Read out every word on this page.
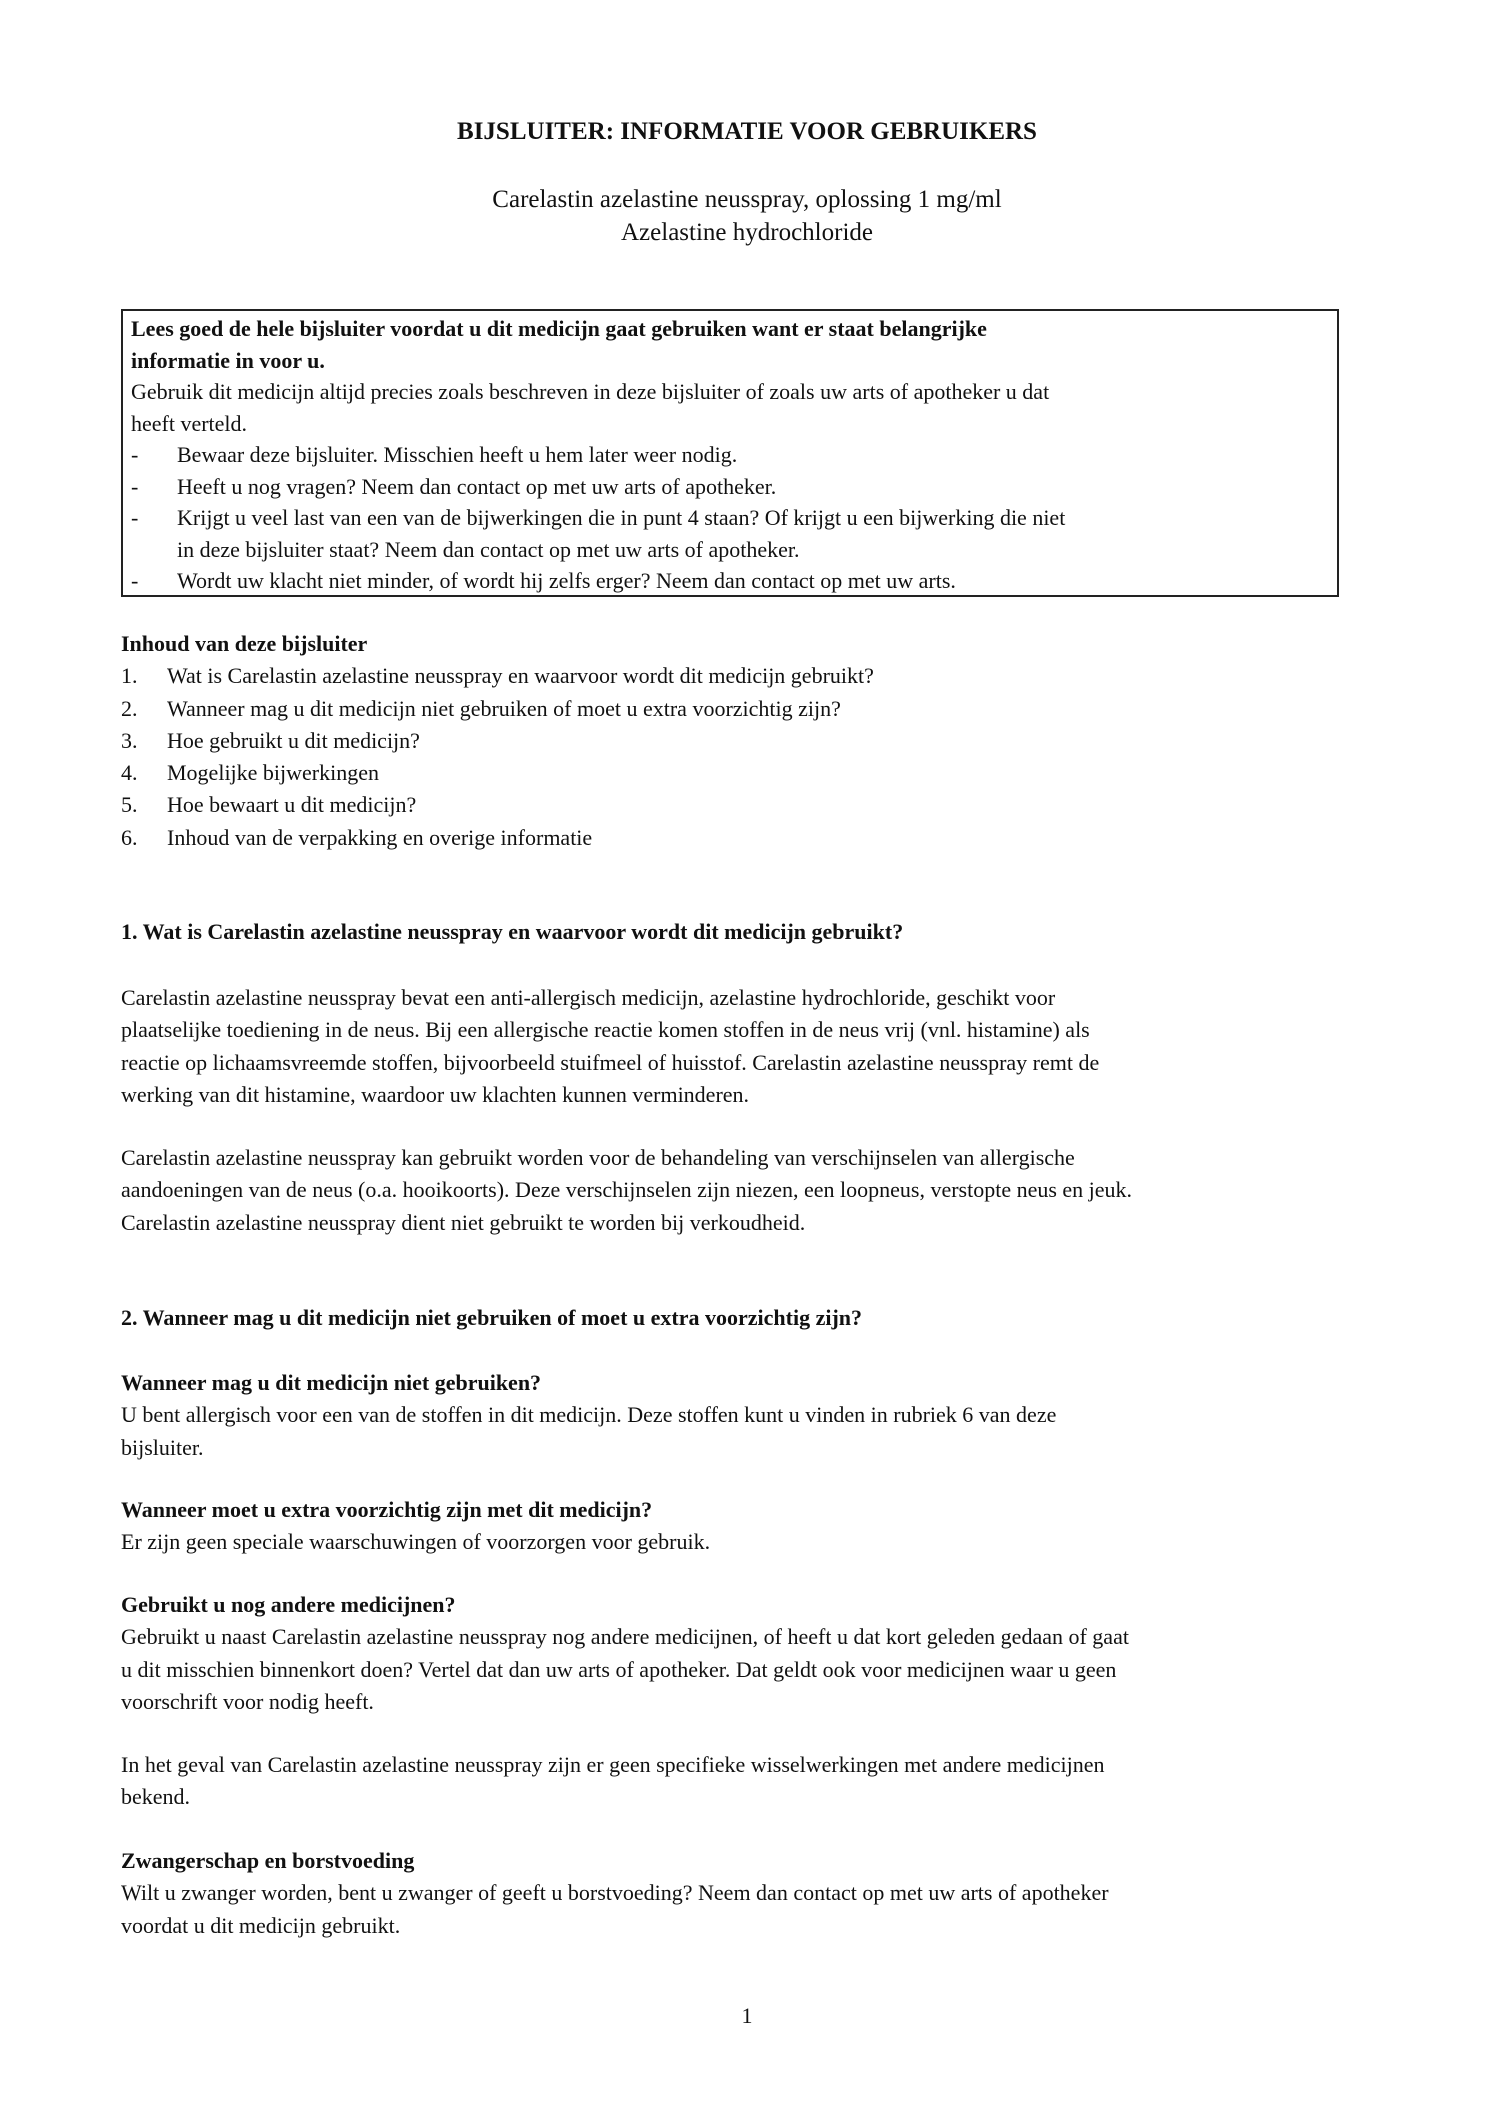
BIJSLUITER: INFORMATIE VOOR GEBRUIKERS
Carelastin azelastine neusspray, oplossing 1 mg/ml
Azelastine hydrochloride
Lees goed de hele bijsluiter voordat u dit medicijn gaat gebruiken want er staat belangrijke
informatie in voor u.
Gebruik dit medicijn altijd precies zoals beschreven in deze bijsluiter of zoals uw arts of apotheker u dat
heeft verteld.
-	Bewaar deze bijsluiter. Misschien heeft u hem later weer nodig.
-	Heeft u nog vragen? Neem dan contact op met uw arts of apotheker.
-	Krijgt u veel last van een van de bijwerkingen die in punt 4 staan? Of krijgt u een bijwerking die niet
in deze bijsluiter staat? Neem dan contact op met uw arts of apotheker.
-	Wordt uw klacht niet minder, of wordt hij zelfs erger? Neem dan contact op met uw arts.
Inhoud van deze bijsluiter
1.	Wat is Carelastin azelastine neusspray en waarvoor wordt dit medicijn gebruikt?
2.	Wanneer mag u dit medicijn niet gebruiken of moet u extra voorzichtig zijn?
3.	Hoe gebruikt u dit medicijn?
4.	Mogelijke bijwerkingen
5.	Hoe bewaart u dit medicijn?
6.	Inhoud van de verpakking en overige informatie
1. Wat is Carelastin azelastine neusspray en waarvoor wordt dit medicijn gebruikt?
Carelastin azelastine neusspray bevat een anti-allergisch medicijn, azelastine hydrochloride, geschikt voor
plaatselijke toediening in de neus. Bij een allergische reactie komen stoffen in de neus vrij (vnl. histamine) als
reactie op lichaamsvreemde stoffen, bijvoorbeeld stuifmeel of huisstof. Carelastin azelastine neusspray remt de
werking van dit histamine, waardoor uw klachten kunnen verminderen.
Carelastin azelastine neusspray kan gebruikt worden voor de behandeling van verschijnselen van allergische
aandoeningen van de neus (o.a. hooikoorts). Deze verschijnselen zijn niezen, een loopneus, verstopte neus en jeuk.
Carelastin azelastine neusspray dient niet gebruikt te worden bij verkoudheid.
2. Wanneer mag u dit medicijn niet gebruiken of moet u extra voorzichtig zijn?
Wanneer mag u dit medicijn niet gebruiken?
U bent allergisch voor een van de stoffen in dit medicijn. Deze stoffen kunt u vinden in rubriek 6 van deze
bijsluiter.
Wanneer moet u extra voorzichtig zijn met dit medicijn?
Er zijn geen speciale waarschuwingen of voorzorgen voor gebruik.
Gebruikt u nog andere medicijnen?
Gebruikt u naast Carelastin azelastine neusspray nog andere medicijnen, of heeft u dat kort geleden gedaan of gaat
u dit misschien binnenkort doen? Vertel dat dan uw arts of apotheker. Dat geldt ook voor medicijnen waar u geen
voorschrift voor nodig heeft.
In het geval van Carelastin azelastine neusspray zijn er geen specifieke wisselwerkingen met andere medicijnen
bekend.
Zwangerschap en borstvoeding
Wilt u zwanger worden, bent u zwanger of geeft u borstvoeding? Neem dan contact op met uw arts of apotheker
voordat u dit medicijn gebruikt.
1
